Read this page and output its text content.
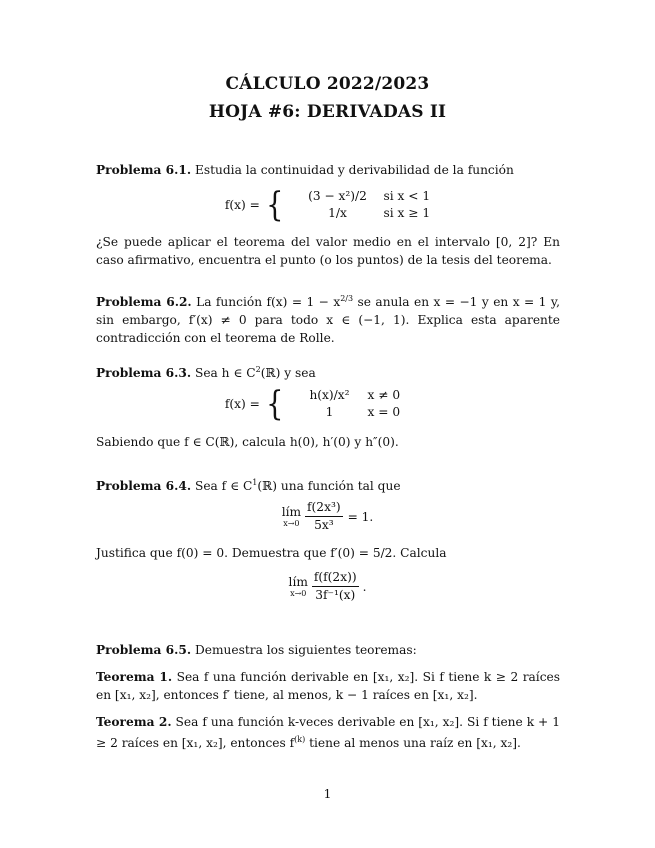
CÁLCULO 2022/2023
HOJA #6: DERIVADAS II
Problema 6.1. Estudia la continuidad y derivabilidad de la función
f(x) = { (3 − x²)/2	si x < 1
1/x	si x ≥ 1
¿Se puede aplicar el teorema del valor medio en el intervalo [0, 2]? En caso afirmativo, encuentra el punto (o los puntos) de la tesis del teorema.
Problema 6.2. La función $f(x) = 1 - x^{2/3}$ se anula en x = −1 y en x = 1 y, sin embargo, f′(x) ≠ 0 para todo x ∈ (−1, 1). Explica esta aparente contradicción con el teorema de Rolle.
Problema 6.3. Sea h ∈ $C^2(ℝ)$ y sea
f(x) = { h(x)/x²	x ≠ 0
1	x = 0
Sabiendo que f ∈ C(ℝ), calcula h(0), h′(0) y h″(0).
Problema 6.4. Sea f ∈ $C^1(ℝ)$ una función tal que
lím
$x\to 0 \frac{\text{f(2x³)}}{\text{5x³}} = 1$.
Justifica que f(0) = 0. Demuestra que f′(0) = 5/2. Calcula
lím
$x\to 0 \frac{f(f(2x))}{\text{3f⁻¹(x)}}$ .
Problema 6.5. Demuestra los siguientes teoremas:
Teorema 1. Sea f una función derivable en [x₁, x₂]. Si f tiene k ≥ 2 raíces en [x₁, x₂], entonces f′ tiene, al menos, k − 1 raíces en [x₁, x₂].
Teorema 2. Sea f una función k-veces derivable en [x₁, x₂]. Si f tiene k + 1 ≥ 2 raíces en [x₁, x₂], entonces $f^{(k)}$ tiene al menos una raíz en [x₁, x₂].
1
